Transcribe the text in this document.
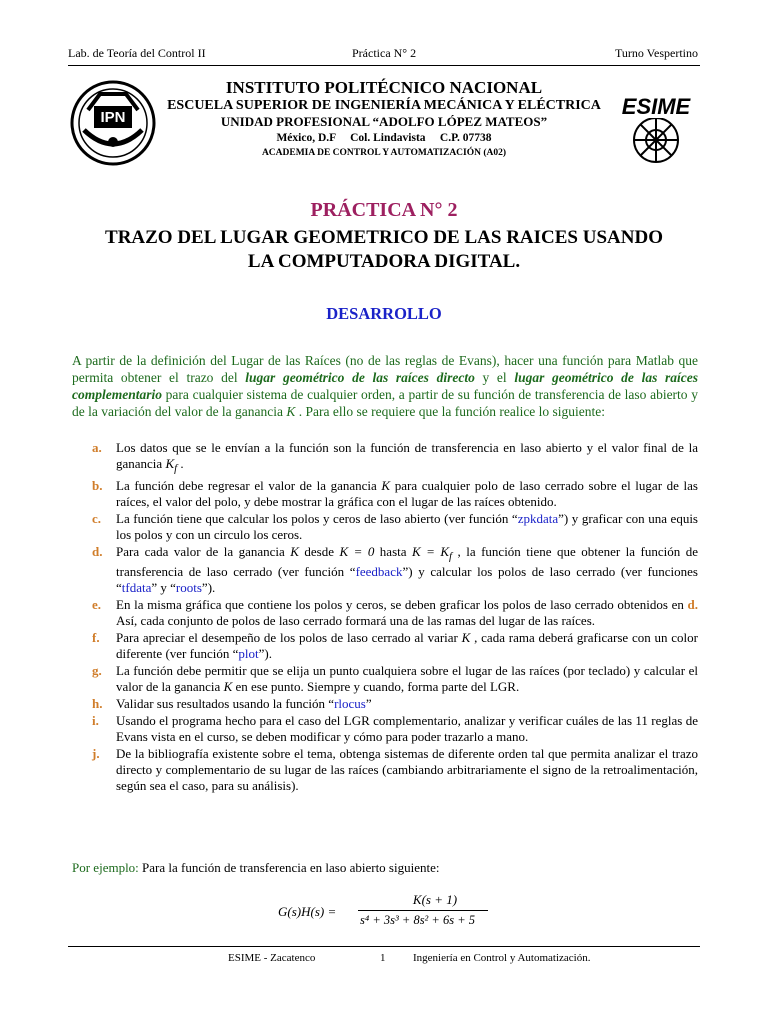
Lab. de Teoría del Control II	Práctica N° 2	Turno Vespertino
IPN	ESIME
INSTITUTO POLITÉCNICO NACIONAL
ESCUELA SUPERIOR DE INGENIERÍA MECÁNICA Y ELÉCTRICA
UNIDAD PROFESIONAL “ADOLFO LÓPEZ MATEOS”
México, D.F     Col. Lindavista     C.P. 07738
ACADEMIA DE CONTROL Y AUTOMATIZACIÓN (A02)
PRÁCTICA N° 2
TRAZO DEL LUGAR GEOMETRICO DE LAS RAICES USANDO
LA COMPUTADORA DIGITAL.
DESARROLLO

A partir de la definición del Lugar de las Raíces (no de las reglas de Evans), hacer una función para Matlab que permita obtener el trazo del lugar geométrico de las raíces directo y el lugar geométrico de las raíces complementario para cualquier sistema de cualquier orden, a partir de su función de transferencia de laso abierto y de la variación del valor de la ganancia K . Para ello se requiere que la función realice lo siguiente:

a.	Los datos que se le envían a la función son la función de transferencia en laso abierto y el valor final de la ganancia $K_f$ .
b.	La función debe regresar el valor de la ganancia K para cualquier polo de laso cerrado sobre el lugar de las raíces, el valor del polo, y debe mostrar la gráfica con el lugar de las raíces obtenido.
c.	La función tiene que calcular los polos y ceros de laso abierto (ver función “zpkdata”) y graficar con una equis los polos y con un circulo los ceros.
d.	Para cada valor de la ganancia K desde K = 0 hasta $K = K_f$ , la función tiene que obtener la función de transferencia de laso cerrado (ver función “feedback”) y calcular los polos de laso cerrado (ver funciones “tfdata” y “roots”).
e.	En la misma gráfica que contiene los polos y ceros, se deben graficar los polos de laso cerrado obtenidos en d. Así, cada conjunto de polos de laso cerrado formará una de las ramas del lugar de las raíces.
f.	Para apreciar el desempeño de los polos de laso cerrado al variar K , cada rama deberá graficarse con un color diferente (ver función “plot”).
g.	La función debe permitir que se elija un punto cualquiera sobre el lugar de las raíces (por teclado) y calcular el valor de la ganancia K en ese punto. Siempre y cuando, forma parte del LGR.
h.	Validar sus resultados usando la función “rlocus”
i.	Usando el programa hecho para el caso del LGR complementario, analizar y verificar cuáles de las 11 reglas de Evans vista en el curso, se deben modificar y cómo para poder trazarlo a mano.
j.	De la bibliografía existente sobre el tema, obtenga sistemas de diferente orden tal que permita analizar el trazo directo y complementario de su lugar de las raíces (cambiando arbitrariamente el signo de la retroalimentación, según sea el caso, para su análisis).
Por ejemplo: Para la función de transferencia en laso abierto siguiente:
G(s)H(s) =
K(s + 1)
s⁴ + 3s³ + 8s² + 6s + 5
ESIME - Zacatenco	1	Ingeniería en Control y Automatización.
